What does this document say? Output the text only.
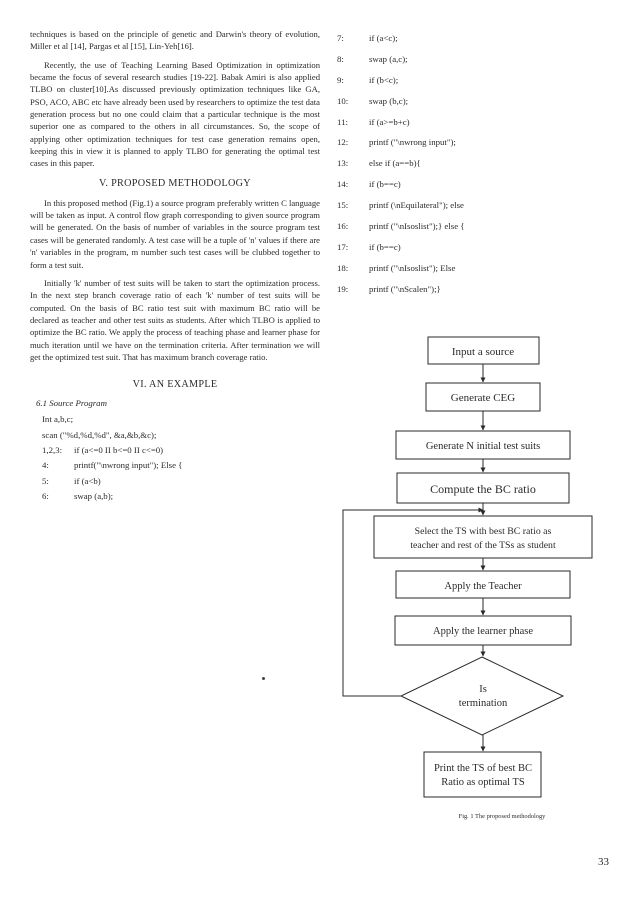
techniques is based on the principle of genetic and Darwin's theory of evolution, Miller et al [14], Pargas et al [15], Lin-Yeh[16].

Recently, the use of Teaching Learning Based Optimization in optimization became the focus of several research studies [19-22]. Babak Amiri is also applied TLBO on cluster[10].As discussed previously optimization techniques like GA, PSO, ACO, ABC etc have already been used by researchers to optimize the test data generation process but no one could claim that a particular technique is the most superior one as compared to the others in all circumstances. So, the scope of applying other optimization techniques for test case generation remains open, keeping this in view it is planned to apply TLBO for generating the optimal test cases in this paper.

V. PROPOSED METHODOLOGY

In this proposed method (Fig.1) a source program preferably written C language will be taken as input. A control flow graph corresponding to given source program will be generated. On the basis of number of variables in the source program test cases will be generated randomly. A test case will be a tuple of 'n' values if there are 'n' variables in the program, m number such test cases will be clubbed together to form a test suit.

Initially 'k' number of test suits will be taken to start the optimization process. In the next step branch coverage ratio of each 'k' number of test suits will be computed. On the basis of BC ratio test suit with maximum BC ratio will be declared as teacher and other test suits as students. After which TLBO is applied to optimize the BC ratio. We apply the process of teaching phase and learner phase for much iteration until we have on the termination criteria. After termination we will get the optimized test suit. That has maximum branch coverage ratio.

VI. AN EXAMPLE
6.1 Source Program
Int a,b,c;
scan ("%d,%d,%d", &a,&b,&c);
1,2,3:	if (a<=0 II b<=0 II c<=0)
4:	printf("\nwrong input"); Else {
5:	if (a<b)
6:	swap (a,b);
7:	if (a<c);
8:	swap (a,c);
9:	if (b<c);
10:	swap (b,c);
11:	if (a>=b+c)
12:	printf ("\nwrong input");
13:	else if (a==b){
14:	if (b==c)
15:	printf (\nEquilateral"); else
16:	printf ("\nIsoslist");} else {
17:	if (b==c)
18:	printf ("\nIsoslist"); Else
19:	printf ("\nScalen");}
Input a source
Generate CEG
Generate N initial test suits
Compute the BC ratio
Select the TS with best BC ratio as
teacher and rest of the TSs as student
Apply the Teacher
Apply the learner phase
Is
termination
Print the TS of best BC
Ratio as optimal TS
Fig. 1 The proposed methodology
33
